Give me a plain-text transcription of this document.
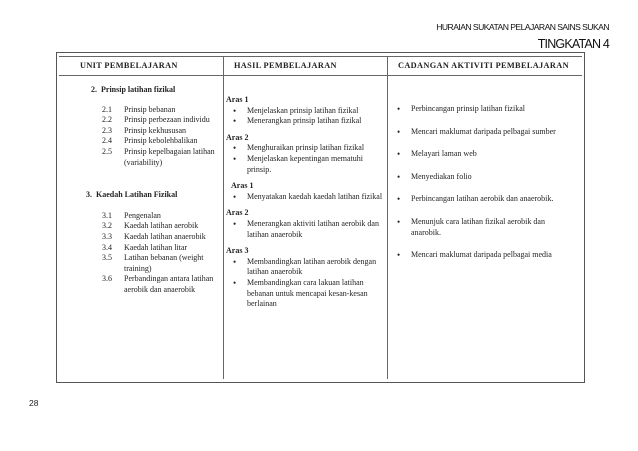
HURAIAN SUKATAN PELAJARAN SAINS SUKAN
TINGKATAN 4
UNIT PEMBELAJARAN	HASIL PEMBELAJARAN	CADANGAN AKTIVITI PEMBELAJARAN
2. Prinsip latihan fizikal
2.1 Prinsip bebanan
2.2 Prinsip perbezaan individu
2.3 Prinsip kekhususan
2.4 Prinsip kebolehbalikan
2.5 Prinsip kepelbagaian latihan (variability)
3. Kaedah Latihan Fizikal
3.1 Pengenalan
3.2 Kaedah latihan aerobik
3.3 Kaedah latihan anaerobik
3.4 Kaedah latihan litar
3.5 Latihan bebanan (weight training)
3.6 Perbandingan antara latihan aerobik dan anaerobik
Aras 1
• Menjelaskan prinsip latihan fizikal
• Menerangkan prinsip latihan fizikal
Aras 2
• Menghuraikan prinsip latihan fizikal
• Menjelaskan kepentingan mematuhi prinsip.
Aras 1
• Menyatakan kaedah kaedah latihan fizikal
Aras 2
• Menerangkan aktiviti latihan aerobik dan latihan anaerobik
Aras 3
• Membandingkan latihan aerobik dengan latihan anaerobik
• Membandingkan cara lakuan latihan bebanan untuk mencapai kesan-kesan berlainan
• Perbincangan prinsip latihan fizikal
• Mencari maklumat daripada pelbagai sumber
• Melayari laman web
• Menyediakan folio
• Perbincangan latihan aerobik dan anaerobik.
• Menunjuk cara latihan fizikal aerobik dan anarobik.
• Mencari maklumat daripada pelbagai media
28
